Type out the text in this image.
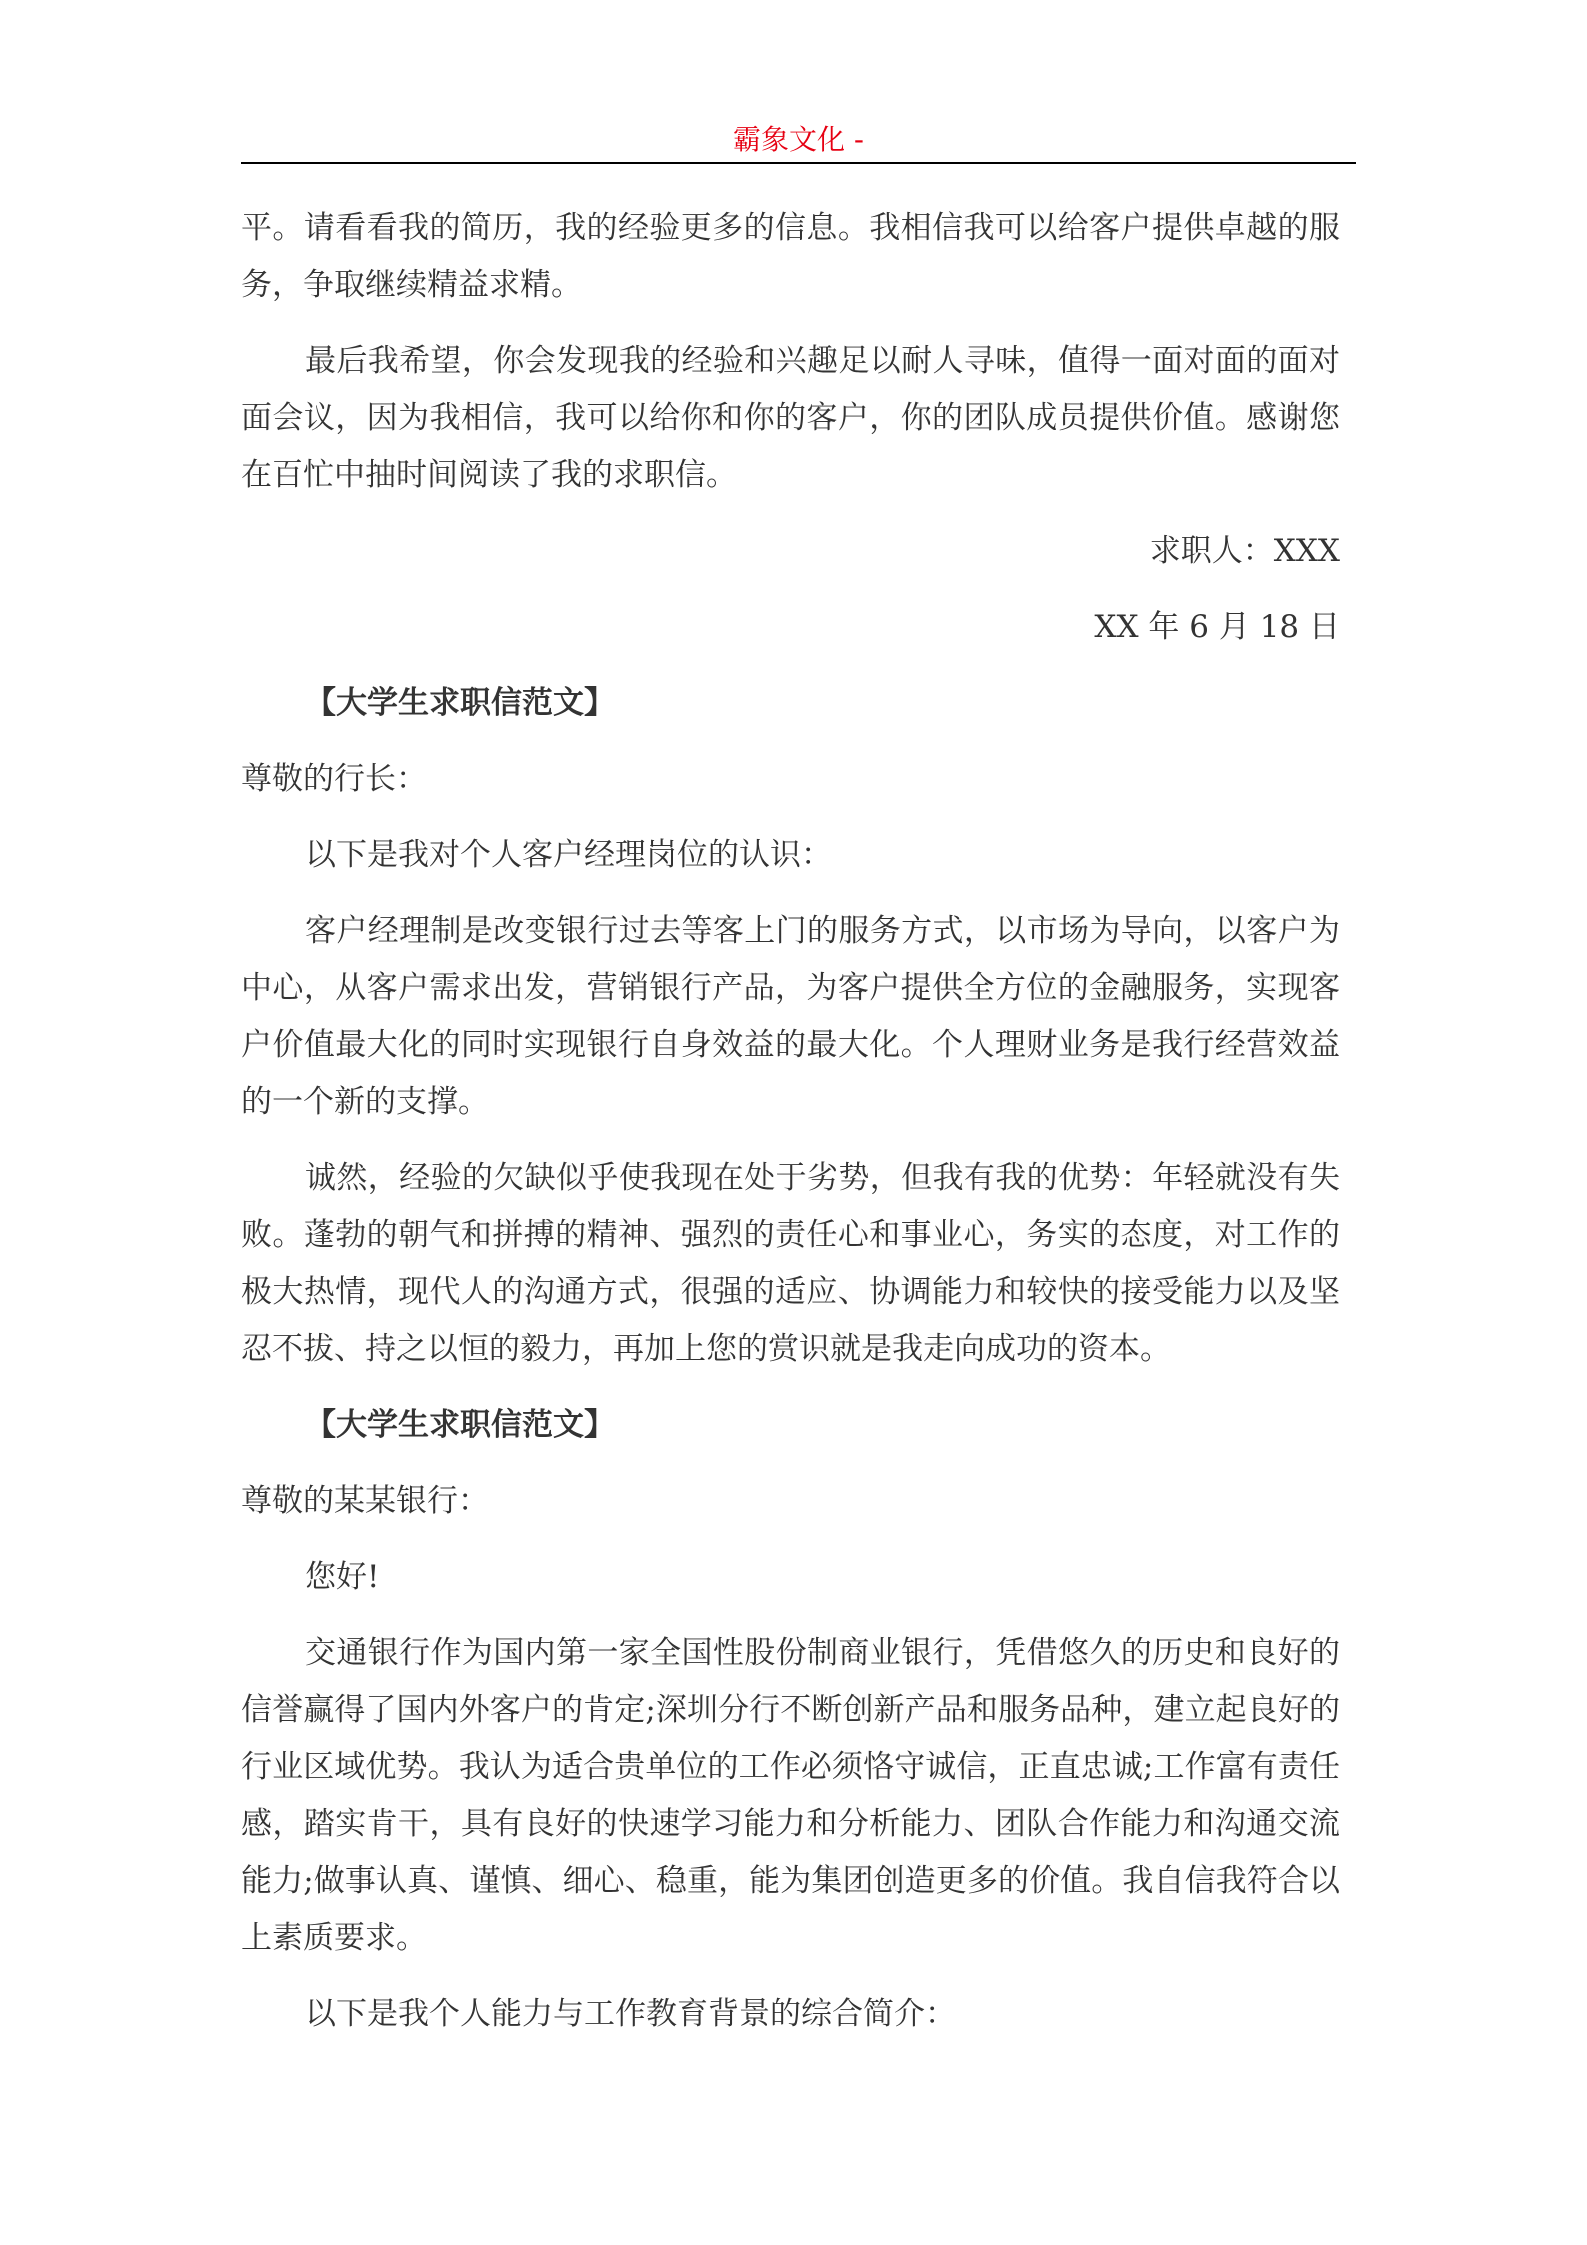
霸象文化 -

平。请看看我的简历，我的经验更多的信息。我相信我可以给客户提供卓越的服务，争取继续精益求精。

最后我希望，你会发现我的经验和兴趣足以耐人寻味，值得一面对面的面对面会议，因为我相信，我可以给你和你的客户，你的团队成员提供价值。感谢您在百忙中抽时间阅读了我的求职信。

求职人：XXX

XX 年 6 月 18 日

【大学生求职信范文】

尊敬的行长：

以下是我对个人客户经理岗位的认识：

客户经理制是改变银行过去等客上门的服务方式，以市场为导向，以客户为中心，从客户需求出发，营销银行产品，为客户提供全方位的金融服务，实现客户价值最大化的同时实现银行自身效益的最大化。个人理财业务是我行经营效益的一个新的支撑。

诚然，经验的欠缺似乎使我现在处于劣势，但我有我的优势：年轻就没有失败。蓬勃的朝气和拼搏的精神、强烈的责任心和事业心，务实的态度，对工作的极大热情，现代人的沟通方式，很强的适应、协调能力和较快的接受能力以及坚忍不拔、持之以恒的毅力，再加上您的赏识就是我走向成功的资本。

【大学生求职信范文】

尊敬的某某银行：

您好!

交通银行作为国内第一家全国性股份制商业银行，凭借悠久的历史和良好的信誉赢得了国内外客户的肯定;深圳分行不断创新产品和服务品种，建立起良好的行业区域优势。我认为适合贵单位的工作必须恪守诚信，正直忠诚;工作富有责任感，踏实肯干，具有良好的快速学习能力和分析能力、团队合作能力和沟通交流能力;做事认真、谨慎、细心、稳重，能为集团创造更多的价值。我自信我符合以上素质要求。

以下是我个人能力与工作教育背景的综合简介：
